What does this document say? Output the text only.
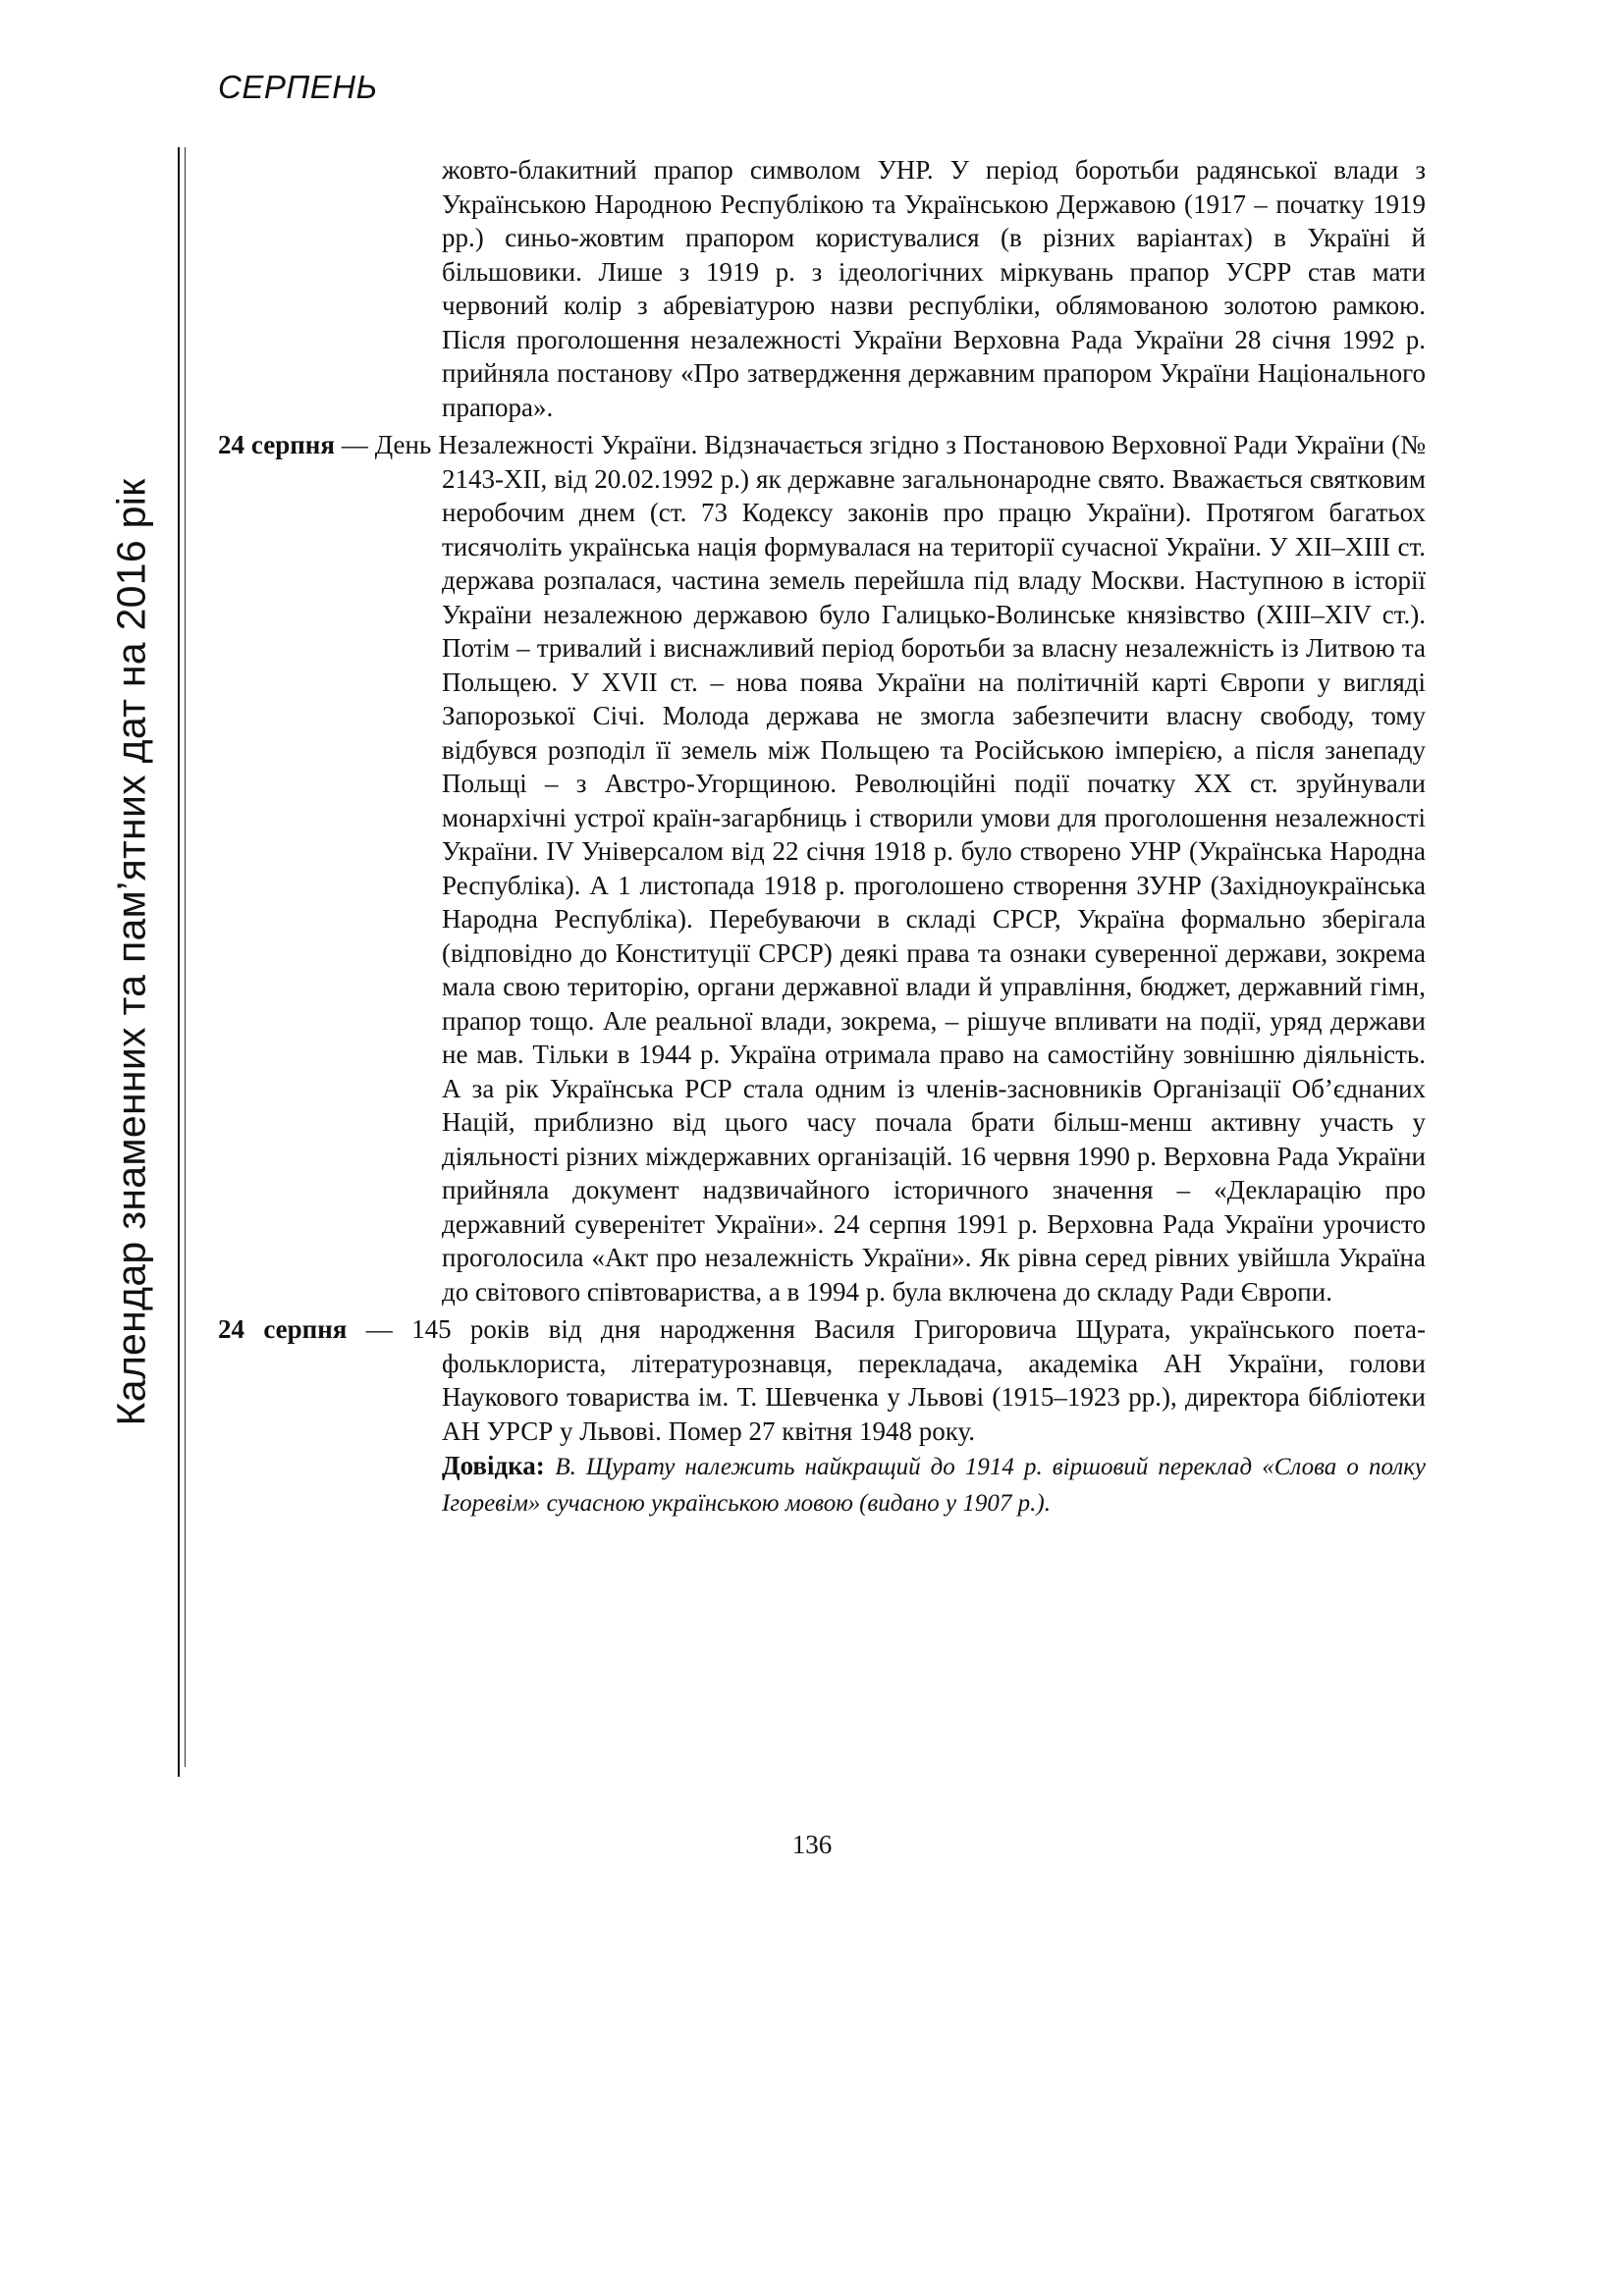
СЕРПЕНЬ
Календар знаменних та пам’ятних дат на 2016 рік

жовто-блакитний прапор символом УНР. У період боротьби радянської влади з Українською Народною Республікою та Українською Державою (1917 – початку 1919 рр.) синьо-жовтим прапором користувалися (в різних варіантах) в Україні й більшовики. Лише з 1919 р. з ідеологічних міркувань прапор УСРР став мати червоний колір з абревіатурою назви республіки, облямованою золотою рамкою. Після проголошення незалежності України Верховна Рада України 28 січня 1992 р. прийняла постанову «Про затвердження державним прапором України Національного прапора».

24 серпня — День Незалежності України. Відзначається згідно з Постановою Верховної Ради України (№ 2143-XII, від 20.02.1992 р.) як державне загальнонародне свято. Вважається святковим неробочим днем (ст. 73 Кодексу законів про працю України). Протягом багатьох тисячоліть українська нація формувалася на території сучасної України. У XII–XIII ст. держава розпалася, частина земель перейшла під владу Москви. Наступною в історії України незалежною державою було Галицько-Волинське князівство (XIII–XIV ст.). Потім – тривалий і виснажливий період боротьби за власну незалежність із Литвою та Польщею. У XVII ст. – нова поява України на політичній карті Європи у вигляді Запорозької Січі. Молода держава не змогла забезпечити власну свободу, тому відбувся розподіл її земель між Польщею та Російською імперією, а після занепаду Польщі – з Австро-Угорщиною. Революційні події початку XX ст. зруйнували монархічні устрої країн-загарбниць і створили умови для проголошення незалежності України. IV Універсалом від 22 січня 1918 р. було створено УНР (Українська Народна Республіка). А 1 листопада 1918 р. проголошено створення ЗУНР (Західноукраїнська Народна Республіка). Перебуваючи в складі СРСР, Україна формально зберігала (відповідно до Конституції СРСР) деякі права та ознаки суверенної держави, зокрема мала свою територію, органи державної влади й управління, бюджет, державний гімн, прапор тощо. Але реальної влади, зокрема, – рішуче впливати на події, уряд держави не мав. Тільки в 1944 р. Україна отримала право на самостійну зовнішню діяльність. А за рік Українська РСР стала одним із членів-засновників Організації Об’єднаних Націй, приблизно від цього часу почала брати більш-менш активну участь у діяльності різних міждержавних організацій. 16 червня 1990 р. Верховна Рада України прийняла документ надзвичайного історичного значення – «Декларацію про державний суверенітет України». 24 серпня 1991 р. Верховна Рада України урочисто проголосила «Акт про незалежність України». Як рівна серед рівних увійшла Україна до світового співтовариства, а в 1994 р. була включена до складу Ради Європи.

24 серпня — 145 років від дня народження Василя Григоровича Щурата, українського поета-фольклориста, літературознавця, перекладача, академіка АН України, голови Наукового товариства ім. Т. Шевченка у Львові (1915–1923 рр.), директора бібліотеки АН УРСР у Львові. Помер 27 квітня 1948 року.

Довідка: В. Щурату належить найкращий до 1914 р. віршовий переклад «Слова о полку Ігоревім» сучасною українською мовою (видано у 1907 р.).

136
